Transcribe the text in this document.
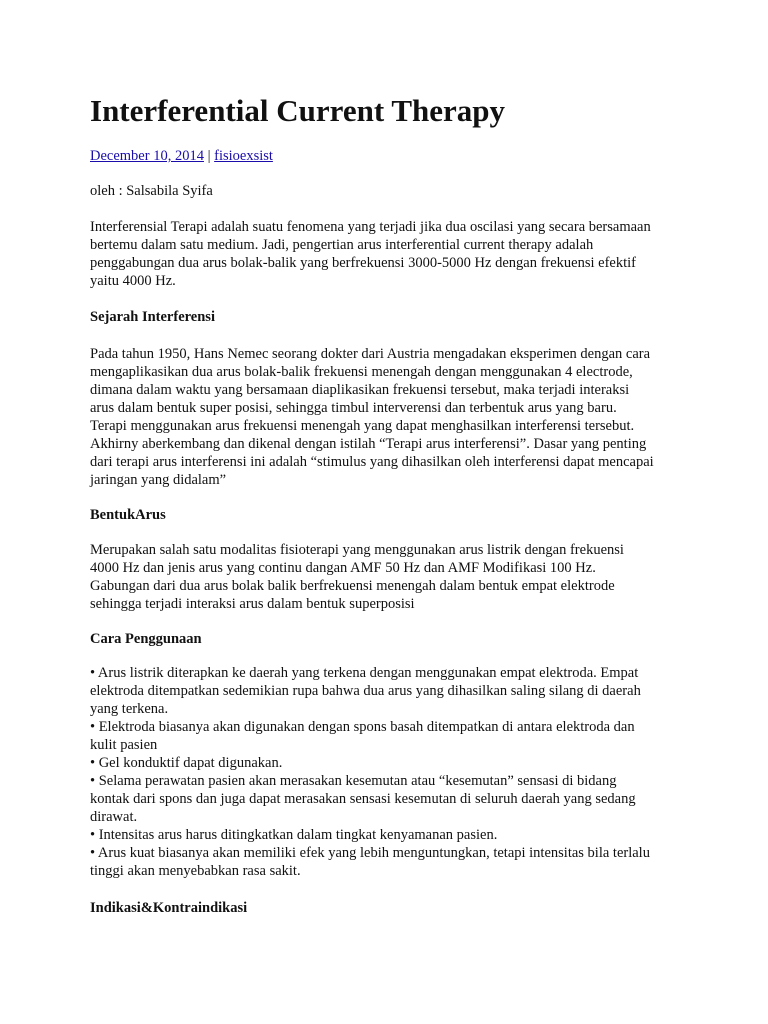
Interferential Current Therapy
December 10, 2014 | fisioexsist

oleh : Salsabila Syifa

Interferensial Terapi adalah suatu fenomena yang terjadi jika dua oscilasi yang secara bersamaan
bertemu dalam satu medium. Jadi, pengertian arus interferential current therapy adalah
penggabungan dua arus bolak-balik yang berfrekuensi 3000-5000 Hz dengan frekuensi efektif
yaitu 4000 Hz.

Sejarah Interferensi

Pada tahun 1950, Hans Nemec seorang dokter dari Austria mengadakan eksperimen dengan cara
mengaplikasikan dua arus bolak-balik frekuensi menengah dengan menggunakan 4 electrode,
dimana dalam waktu yang bersamaan diaplikasikan frekuensi tersebut, maka terjadi interaksi
arus dalam bentuk super posisi, sehingga timbul interverensi dan terbentuk arus yang baru.
Terapi menggunakan arus frekuensi menengah yang dapat menghasilkan interferensi tersebut.
Akhirny aberkembang dan dikenal dengan istilah “Terapi arus interferensi”. Dasar yang penting
dari terapi arus interferensi ini adalah “stimulus yang dihasilkan oleh interferensi dapat mencapai
jaringan yang didalam”

BentukArus

Merupakan salah satu modalitas fisioterapi yang menggunakan arus listrik dengan frekuensi
4000 Hz dan jenis arus yang continu dangan AMF 50 Hz dan AMF Modifikasi 100 Hz.
Gabungan dari dua arus bolak balik berfrekuensi menengah dalam bentuk empat elektrode
sehingga terjadi interaksi arus dalam bentuk superposisi

Cara Penggunaan
• Arus listrik diterapkan ke daerah yang terkena dengan menggunakan empat elektroda. Empat
elektroda ditempatkan sedemikian rupa bahwa dua arus yang dihasilkan saling silang di daerah
yang terkena.
• Elektroda biasanya akan digunakan dengan spons basah ditempatkan di antara elektroda dan
kulit pasien
• Gel konduktif dapat digunakan.
• Selama perawatan pasien akan merasakan kesemutan atau “kesemutan” sensasi di bidang
kontak dari spons dan juga dapat merasakan sensasi kesemutan di seluruh daerah yang sedang
dirawat.
• Intensitas arus harus ditingkatkan dalam tingkat kenyamanan pasien.
• Arus kuat biasanya akan memiliki efek yang lebih menguntungkan, tetapi intensitas bila terlalu
tinggi akan menyebabkan rasa sakit.
Indikasi&Kontraindikasi
